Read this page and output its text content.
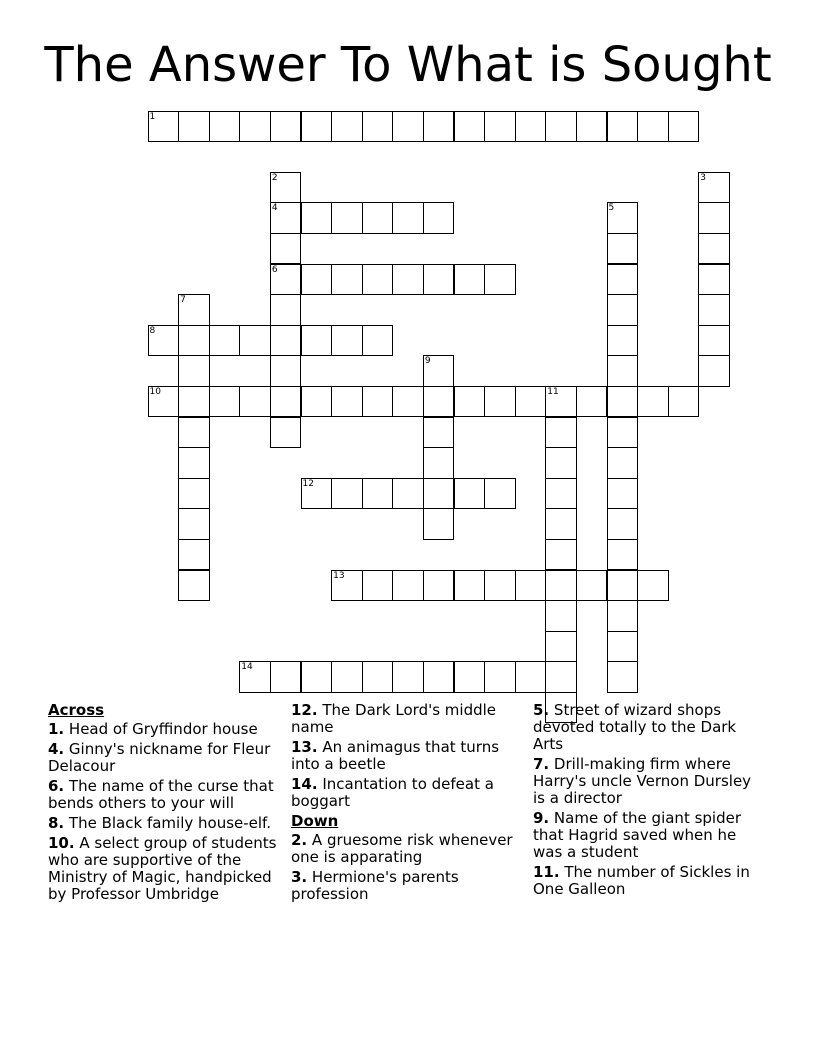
The Answer To What is Sought
1
2
4
6
3
5
7
8
9
10	11
12
13
14
Across
1. Head of Gryffindor house
4. Ginny's nickname for Fleur Delacour
6. The name of the curse that bends others to your will
8. The Black family house-elf.
10. A select group of students who are supportive of the Ministry of Magic, handpicked by Professor Umbridge
12. The Dark Lord's middle name
13. An animagus that turns into a beetle
14. Incantation to defeat a boggart
Down
2. A gruesome risk whenever one is apparating
3. Hermione's parents profession
5. Street of wizard shops devoted totally to the Dark Arts
7. Drill-making firm where Harry's uncle Vernon Dursley is a director
9. Name of the giant spider that Hagrid saved when he was a student
11. The number of Sickles in One Galleon
